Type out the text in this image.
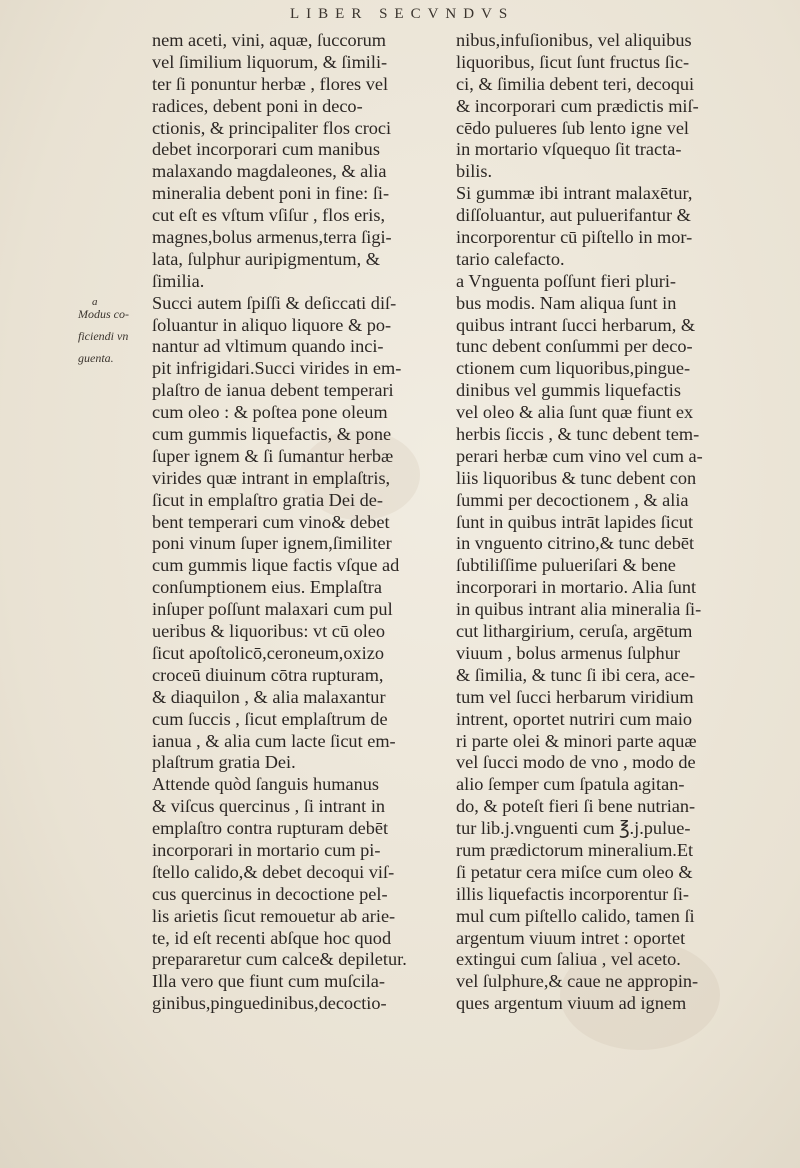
LIBER SECVNDVS
a
Modus co-
ficiendi vn
guenta.
nem aceti, vini, aquæ, ſuccorum
vel ſimilium liquorum, & ſimili-
ter ſi ponuntur herbæ , flores vel
radices, debent poni in deco-
ctionis, & principaliter flos croci
debet incorporari cum manibus
malaxando magdaleones, & alia
mineralia debent poni in fine: ſi-
cut eſt es vſtum vſiſur , flos eris,
magnes,bolus armenus,terra ſigi-
lata, ſulphur auripigmentum, &
ſimilia.
Succi autem ſpiſſi & deſiccati diſ-
ſoluantur in aliquo liquore & po-
nantur ad vltimum quando inci-
pit infrigidari.Succi virides in em-
plaſtro de ianua debent temperari
cum oleo : & poſtea pone oleum
cum gummis liquefactis, & pone
ſuper ignem & ſi ſumantur herbæ
virides quæ intrant in emplaſtris,
ſicut in emplaſtro gratia Dei de-
bent temperari cum vino& debet
poni vinum ſuper ignem,ſimiliter
cum gummis lique factis vſque ad
conſumptionem eius. Emplaſtra
inſuper poſſunt malaxari cum pul
ueribus & liquoribus: vt cū oleo
ſicut apoſtolicō,ceroneum,oxizo
croceū diuinum cōtra rupturam,
& diaquilon , & alia malaxantur
cum ſuccis , ſicut emplaſtrum de
ianua , & alia cum lacte ſicut em-
plaſtrum gratia Dei.
Attende quòd ſanguis humanus
& viſcus quercinus , ſi intrant in
emplaſtro contra rupturam debēt
incorporari in mortario cum pi-
ſtello calido,& debet decoqui viſ-
cus quercinus in decoctione pel-
lis arietis ſicut remouetur ab arie-
te, id eſt recenti abſque hoc quod
prepararetur cum calce& depiletur.
Illa vero que fiunt cum muſcila-
ginibus,pinguedinibus,decoctio-
nibus,infuſionibus, vel aliquibus
liquoribus, ſicut ſunt fructus ſic-
ci, & ſimilia debent teri, decoqui
& incorporari cum prædictis miſ-
cēdo pulueres ſub lento igne vel
in mortario vſquequo ſit tracta-
bilis.
Si gummæ ibi intrant malaxētur,
diſſoluantur, aut puluerifantur &
incorporentur cū piſtello in mor-
tario calefacto.
a Vnguenta poſſunt fieri pluri-
bus modis. Nam aliqua ſunt in
quibus intrant ſucci herbarum, &
tunc debent conſummi per deco-
ctionem cum liquoribus,pingue-
dinibus vel gummis liquefactis
vel oleo & alia ſunt quæ fiunt ex
herbis ſiccis , & tunc debent tem-
perari herbæ cum vino vel cum a-
liis liquoribus & tunc debent con
ſummi per decoctionem , & alia
ſunt in quibus intrāt lapides ſicut
in vnguento citrino,& tunc debēt
ſubtiliſſime pulueriſari & bene
incorporari in mortario. Alia ſunt
in quibus intrant alia mineralia ſi-
cut lithargirium, ceruſa, argētum
viuum , bolus armenus ſulphur
& ſimilia, & tunc ſi ibi cera, ace-
tum vel ſucci herbarum viridium
intrent, oportet nutriri cum maio
ri parte olei & minori parte aquæ
vel ſucci modo de vno , modo de
alio ſemper cum ſpatula agitan-
do, & poteſt fieri ſi bene nutrian-
tur lib.j.vnguenti cum ℥.j.pulue-
rum prædictorum mineralium.Et
ſi petatur cera miſce cum oleo &
illis liquefactis incorporentur ſi-
mul cum piſtello calido, tamen ſi
argentum viuum intret : oportet
extingui cum ſaliua , vel aceto.
vel ſulphure,& caue ne appropin-
ques argentum viuum ad ignem
